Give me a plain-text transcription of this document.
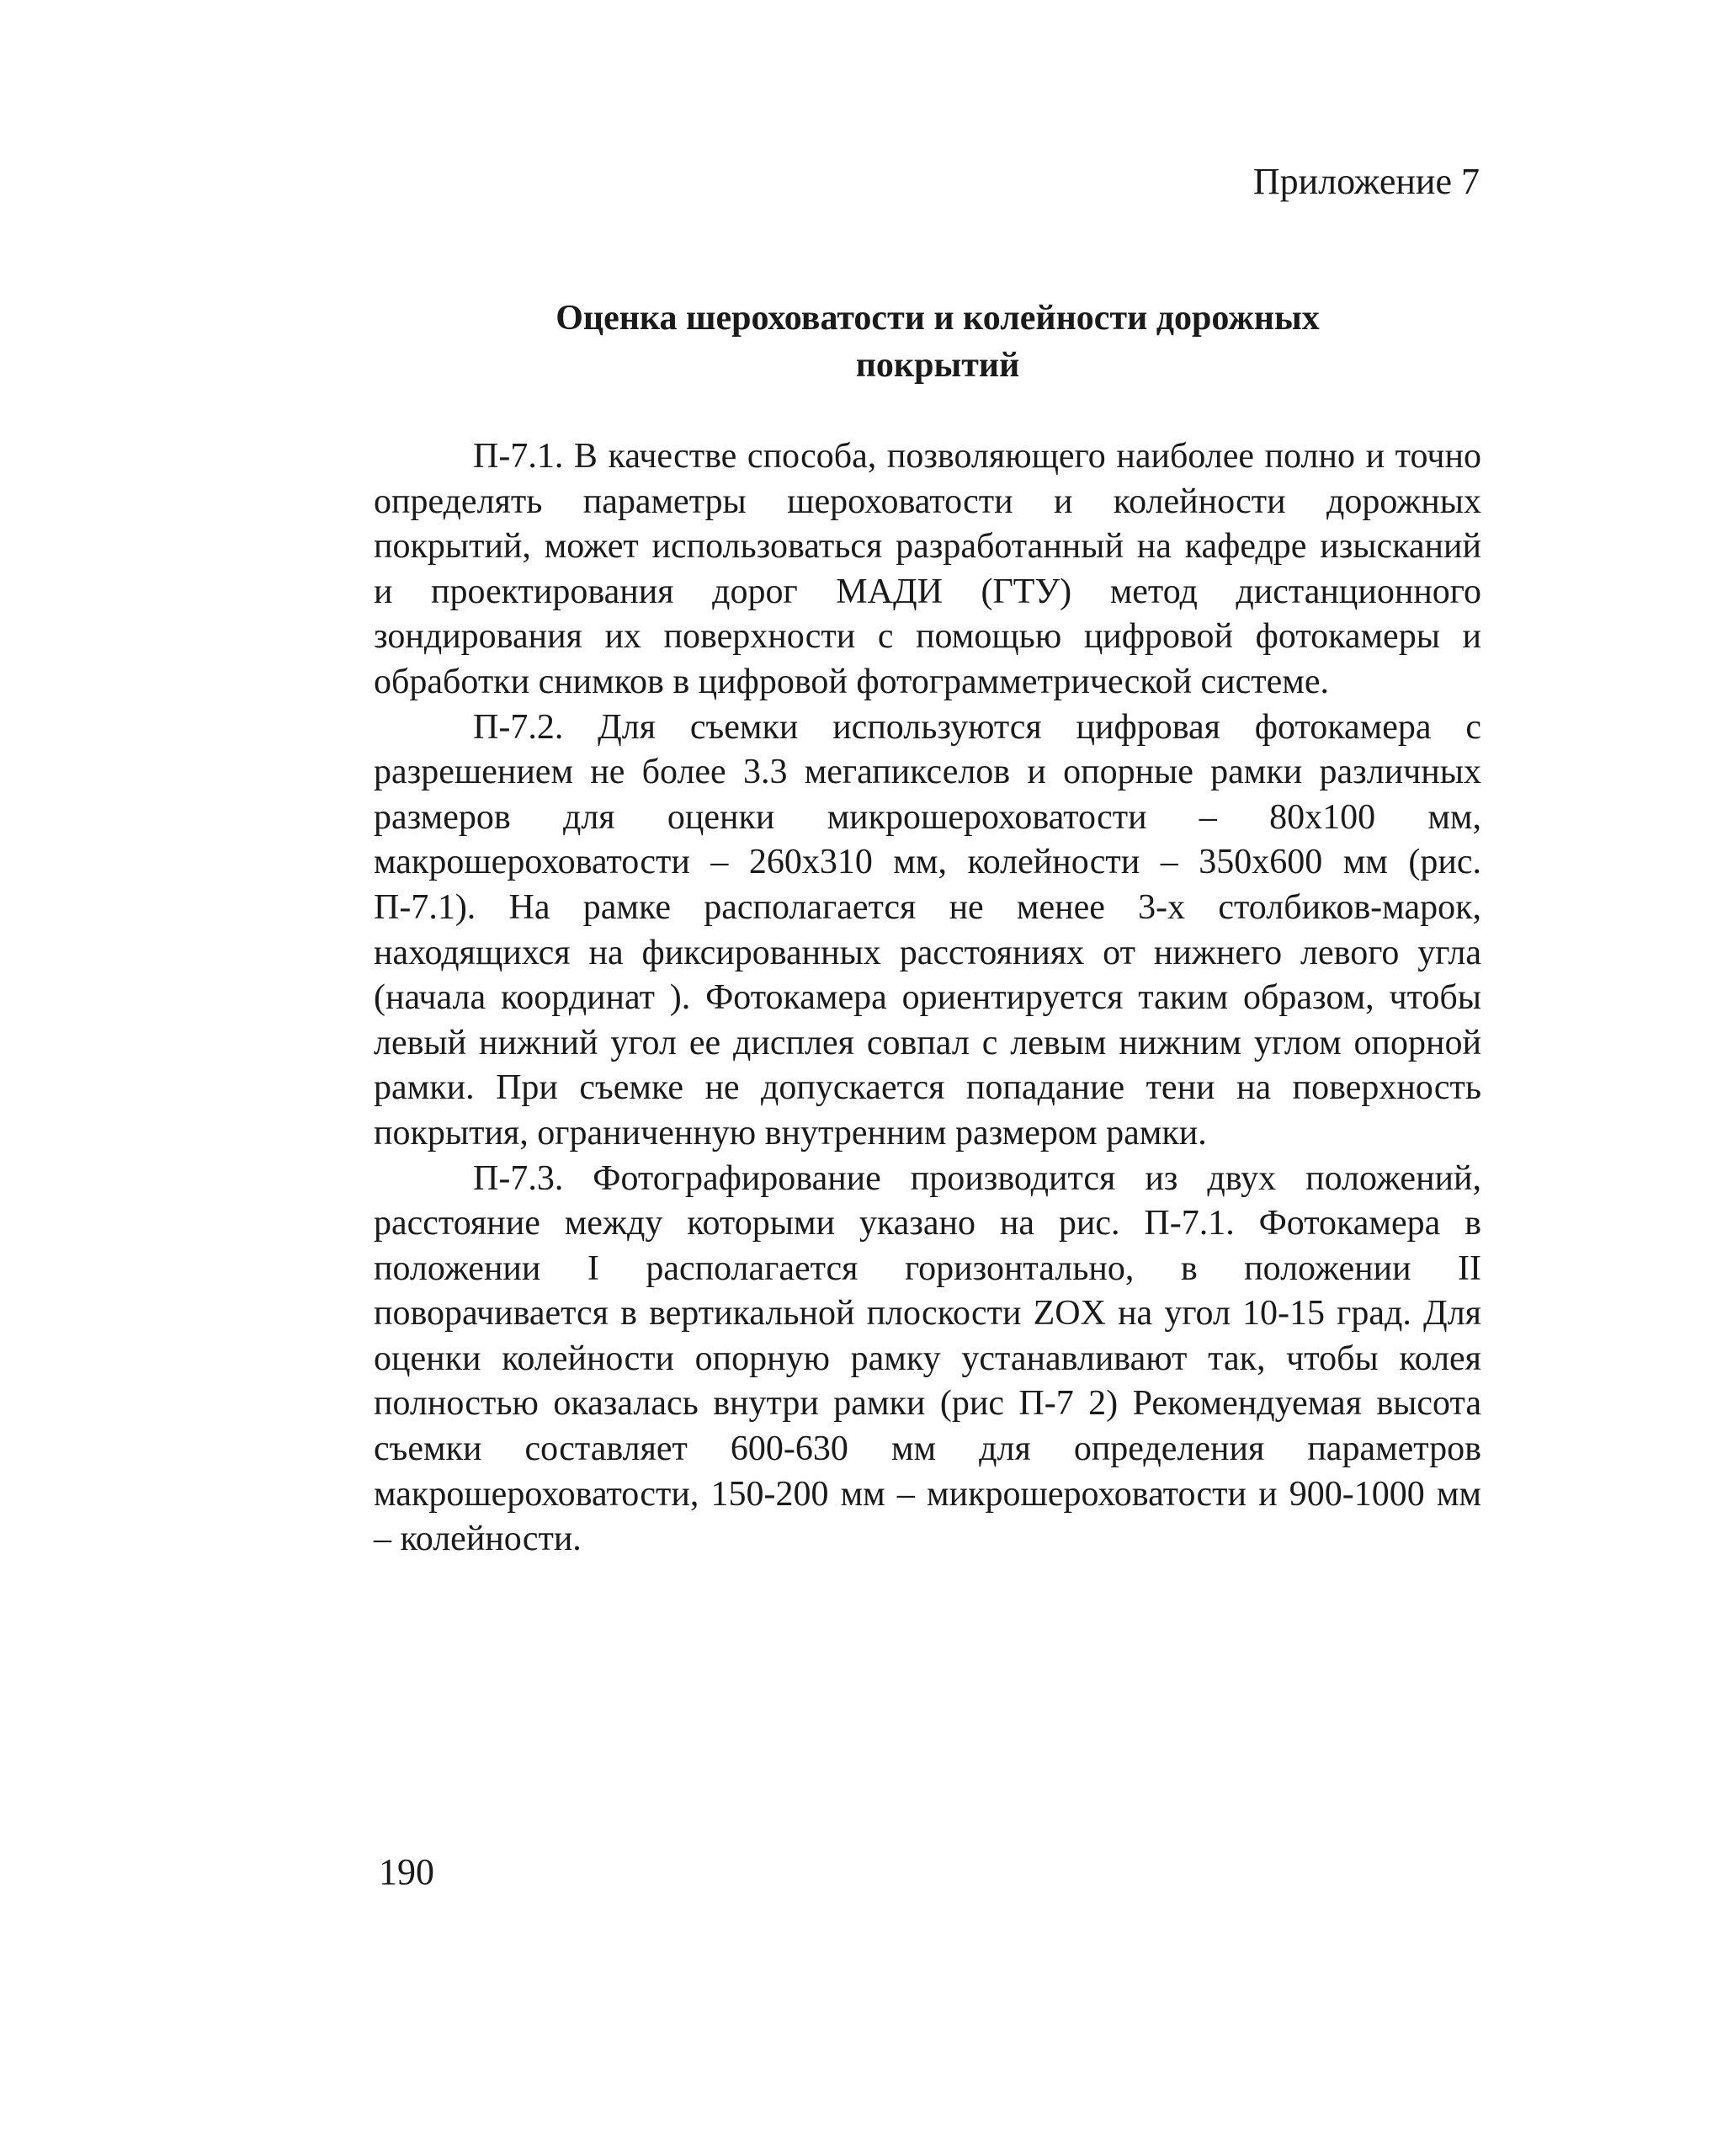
Приложение 7
Оценка шероховатости и колейности дорожных
покрытий

П-7.1. В качестве способа, позволяющего наиболее полно и точно определять параметры шероховатости и колейности дорожных покрытий, может использоваться разработанный на кафедре изысканий и проектирования дорог МАДИ (ГТУ) метод дистанционного зондирования их поверхности с помощью цифровой фотокамеры и обработки снимков в цифровой фотограмметрической системе.

П-7.2. Для съемки используются цифровая фотокамера с разрешением не более 3.3 мегапикселов и опорные рамки различных размеров для оценки микрошероховатости – 80х100 мм, макрошероховатости – 260х310 мм, колейности – 350х600 мм (рис. П-7.1). На рамке располагается не менее 3-х столбиков-марок, находящихся на фиксированных расстояниях от нижнего левого угла (начала координат ). Фотокамера ориентируется таким образом, чтобы левый нижний угол ее дисплея совпал с левым нижним углом опорной рамки. При съемке не допускается попадание тени на поверхность покрытия, ограниченную внутренним размером рамки.

П-7.3. Фотографирование производится из двух положений, расстояние между которыми указано на рис. П-7.1. Фотокамера в положении I располагается горизонтально, в положении II поворачивается в вертикальной плоскости ZOX на угол 10-15 град. Для оценки колейности опорную рамку устанавливают так, чтобы колея полностью оказалась внутри рамки (рис П-7 2) Рекомендуемая высота съемки составляет 600-630 мм для определения параметров макрошероховатости, 150-200 мм – микрошероховатости и 900-1000 мм – колейности.

190
